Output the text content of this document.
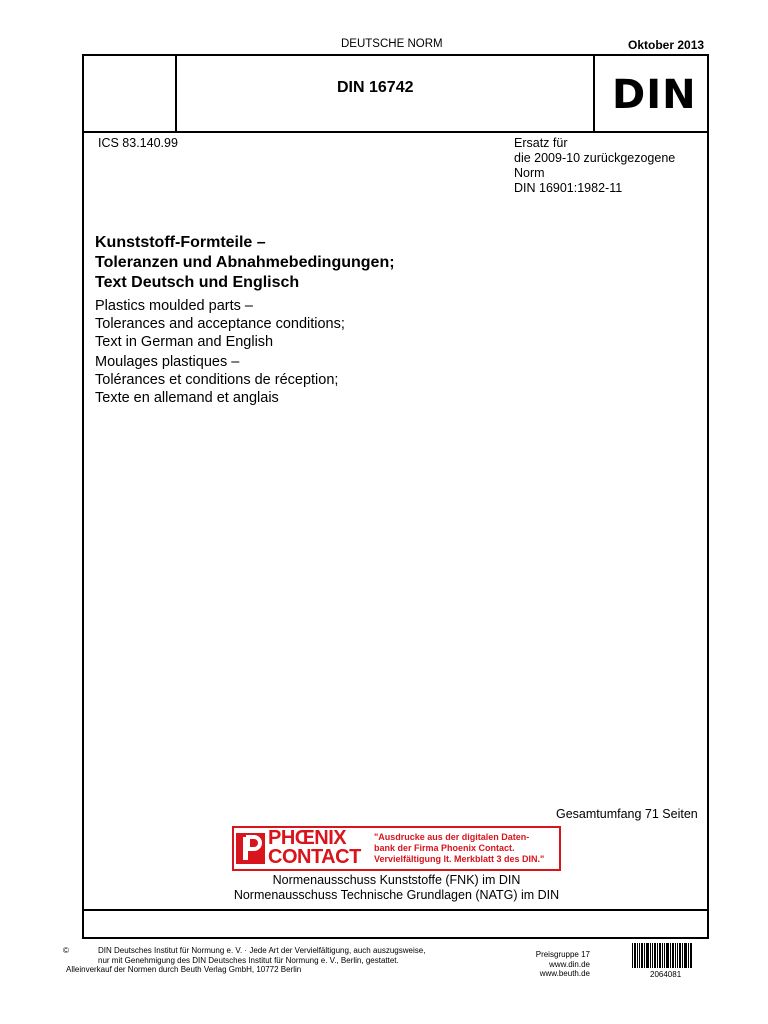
DEUTSCHE NORM	Oktober 2013
DIN 16742	DIN
ICS 83.140.99	Ersatz für
die 2009-10 zurückgezogene
Norm
DIN 16901:1982-11
Kunststoff-Formteile –
Toleranzen und Abnahmebedingungen;
Text Deutsch und Englisch
Plastics moulded parts –
Tolerances and acceptance conditions;
Text in German and English
Moulages plastiques –
Tolérances et conditions de réception;
Texte en allemand et anglais
Gesamtumfang 71 Seiten
PHŒNIX
CONTACT
"Ausdrucke aus der digitalen Daten-
bank der Firma Phoenix Contact.
Vervielfältigung lt. Merkblatt 3 des DIN."
Normenausschuss Kunststoffe (FNK) im DIN
Normenausschuss Technische Grundlagen (NATG) im DIN
©	DIN Deutsches Institut für Normung e. V. · Jede Art der Vervielfältigung, auch auszugsweise,
nur mit Genehmigung des DIN Deutsches Institut für Normung e. V., Berlin, gestattet.
Alleinverkauf der Normen durch Beuth Verlag GmbH, 10772 Berlin
Preisgruppe 17
www.din.de
www.beuth.de	2064081
